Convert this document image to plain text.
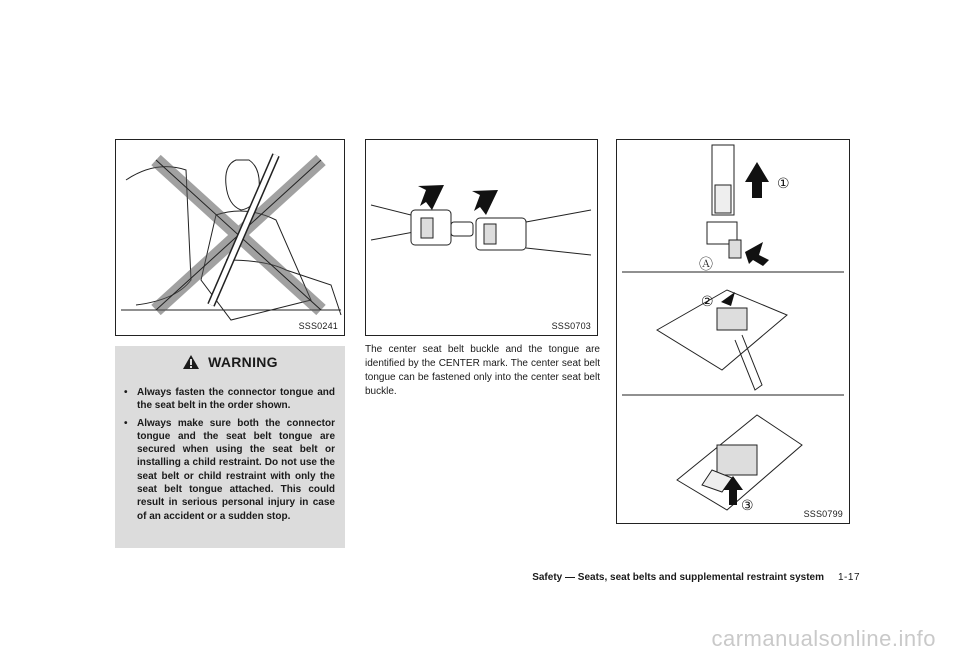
SSS0241
WARNING
• Always fasten the connector tongue and the seat belt in the order shown.
• Always make sure both the connector tongue and the seat belt tongue are secured when using the seat belt or installing a child restraint. Do not use the seat belt or child restraint with only the seat belt tongue attached. This could result in serious personal injury in case of an accident or a sudden stop.
SSS0703
The center seat belt buckle and the tongue are identified by the CENTER mark. The center seat belt tongue can be fastened only into the center seat belt buckle.
①
Ⓐ
②
③	SSS0799
Safety — Seats, seat belts and supplemental restraint system 1-17
carmanualsonline.info
